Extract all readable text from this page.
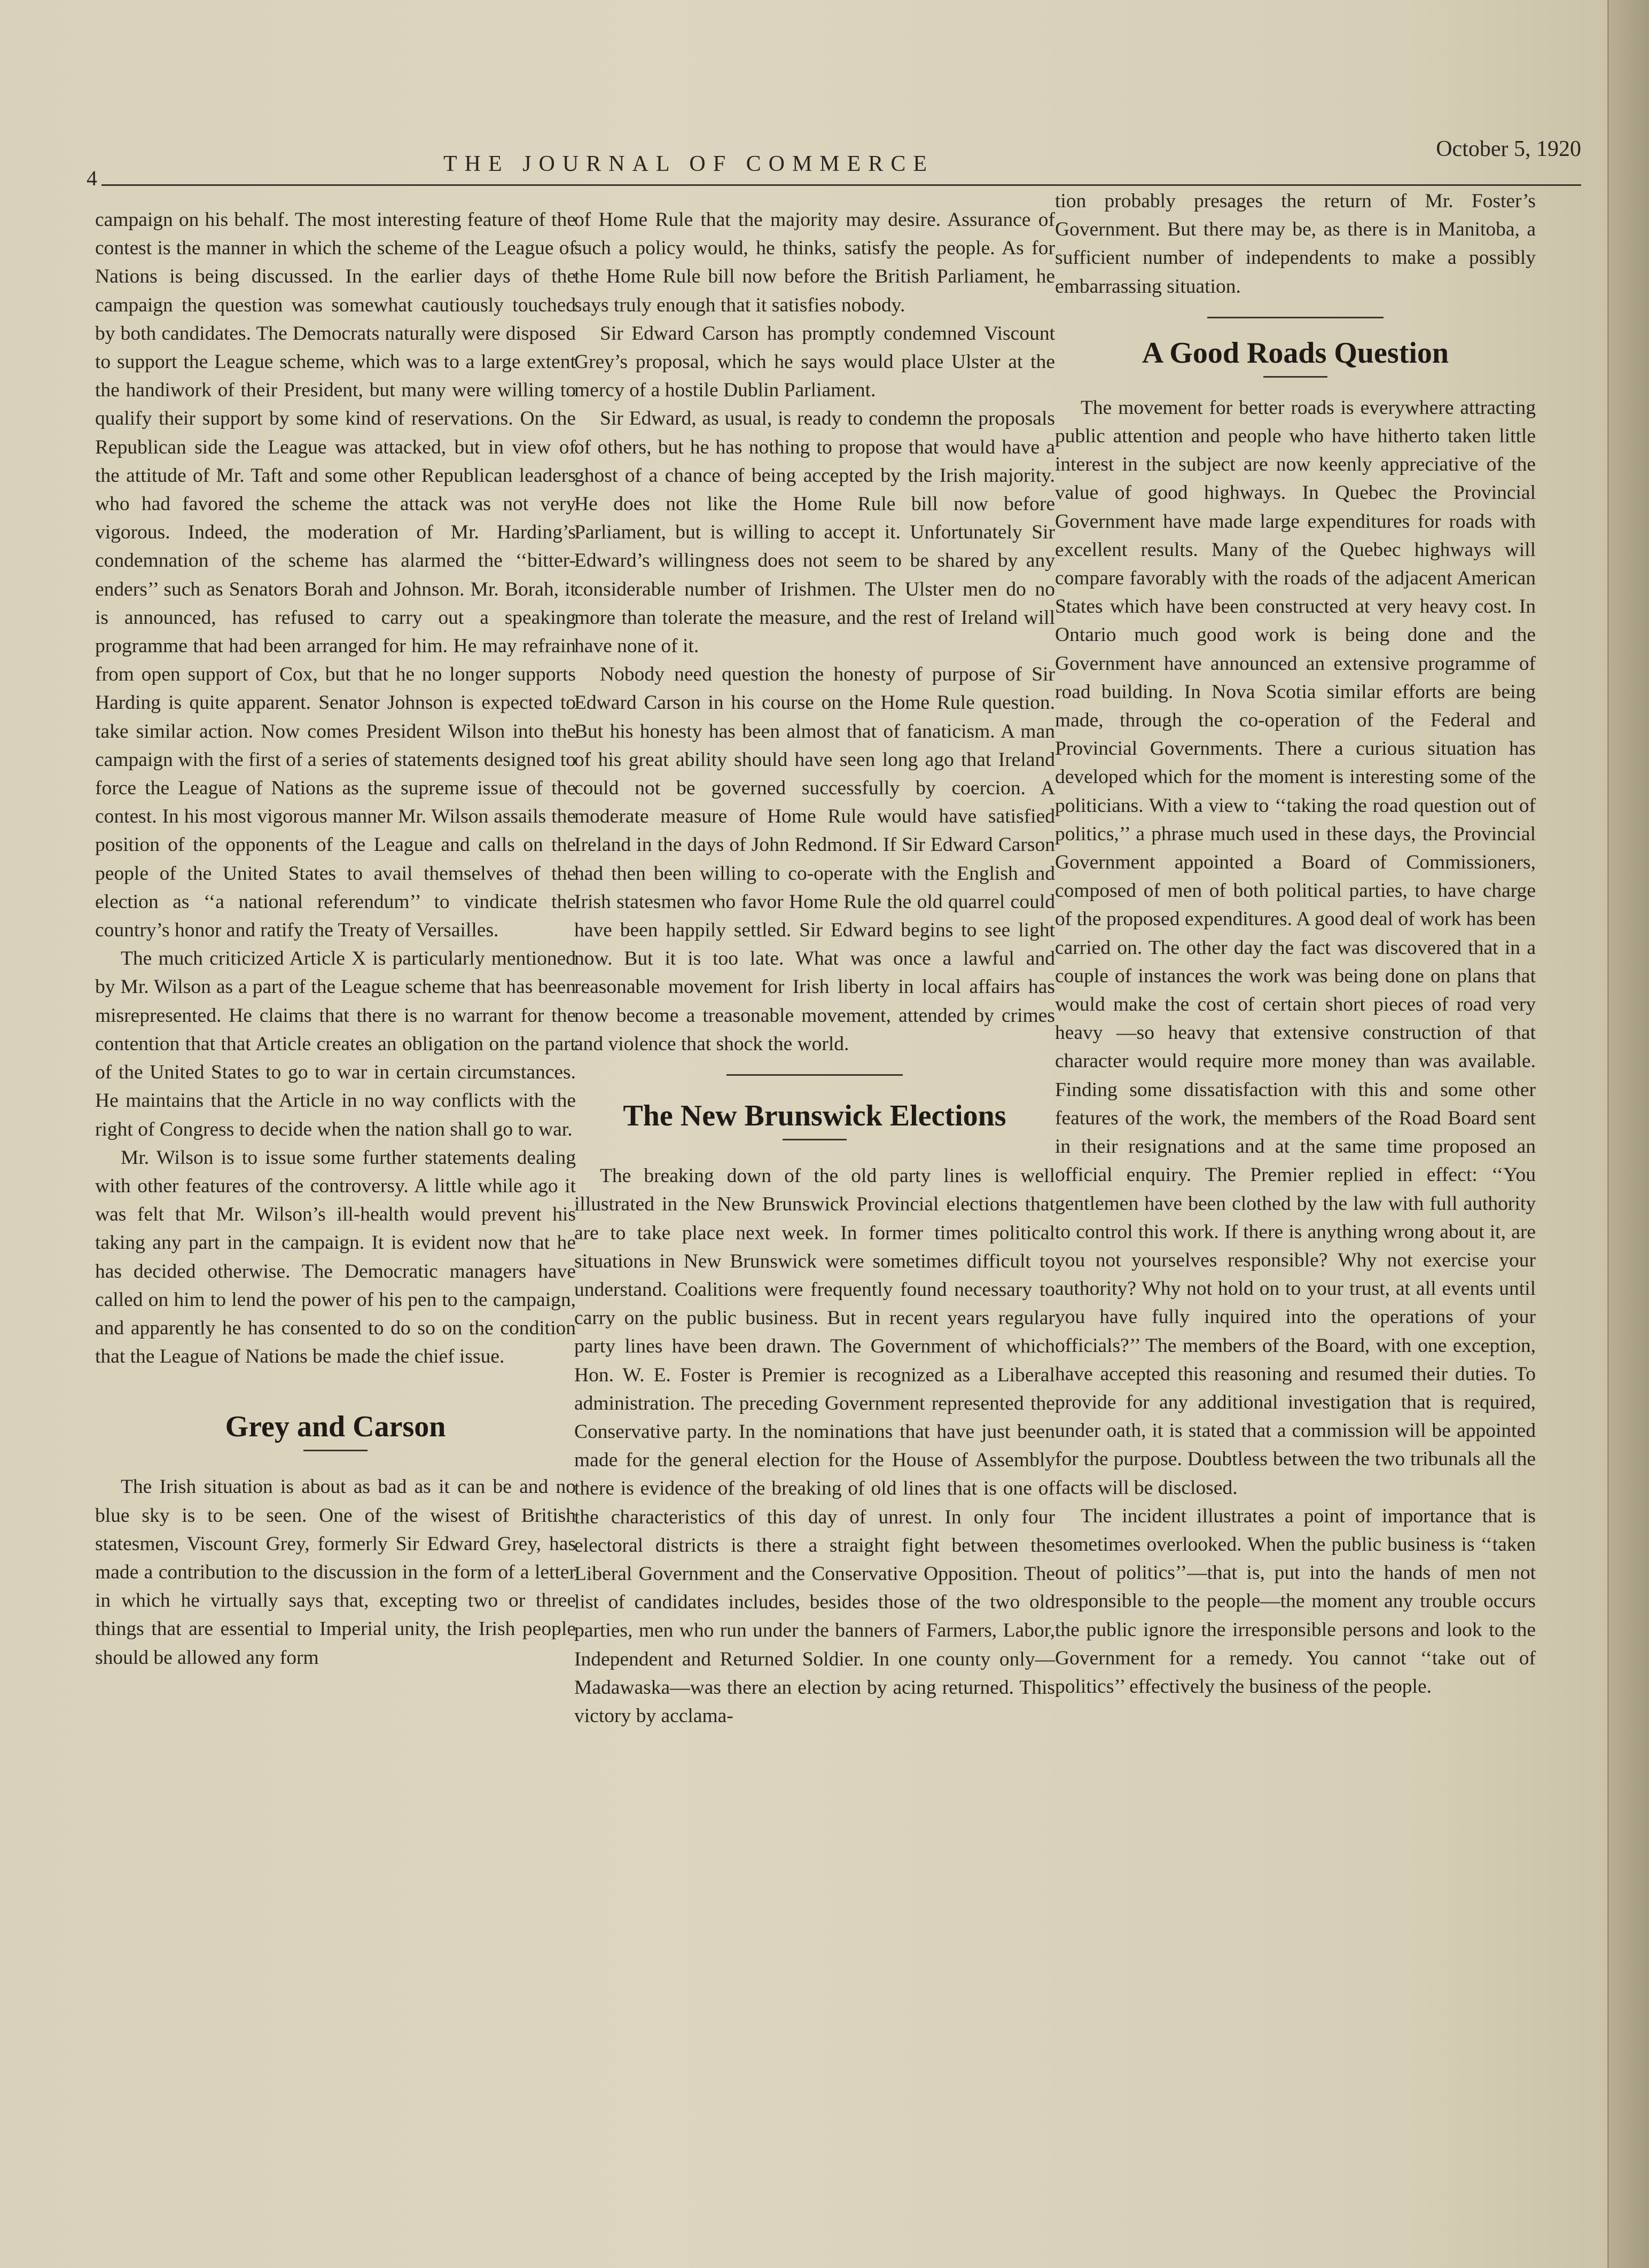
4
THE JOURNAL OF COMMERCE
October 5, 1920

campaign on his behalf. The most interesting feature of the contest is the manner in which the scheme of the League of Nations is being discussed. In the earlier days of the campaign the question was somewhat cautiously touched by both candidates. The Democrats naturally were disposed to support the League scheme, which was to a large extent the handiwork of their President, but many were willing to qualify their support by some kind of reservations. On the Republican side the League was attacked, but in view of the attitude of Mr. Taft and some other Republican leaders who had favored the scheme the attack was not very vigorous. Indeed, the moderation of Mr. Harding’s condemnation of the scheme has alarmed the ‘‘bitter-enders’’ such as Senators Borah and Johnson. Mr. Borah, it is announced, has refused to carry out a speaking programme that had been arranged for him. He may refrain from open support of Cox, but that he no longer supports Harding is quite apparent. Senator Johnson is expected to take similar action. Now comes President Wilson into the campaign with the first of a series of statements designed to force the League of Nations as the supreme issue of the contest. In his most vigorous manner Mr. Wilson assails the position of the opponents of the League and calls on the people of the United States to avail themselves of the election as ‘‘a national referendum’’ to vindicate the country’s honor and ratify the Treaty of Versailles.

The much criticized Article X is particularly mentioned by Mr. Wilson as a part of the League scheme that has been misrepresented. He claims that there is no warrant for the contention that that Article creates an obligation on the part of the United States to go to war in certain circumstances. He maintains that the Article in no way conflicts with the right of Congress to decide when the nation shall go to war.

Mr. Wilson is to issue some further statements dealing with other features of the controversy. A little while ago it was felt that Mr. Wilson’s ill-health would prevent his taking any part in the campaign. It is evident now that he has decided otherwise. The Democratic managers have called on him to lend the power of his pen to the campaign, and apparently he has consented to do so on the condition that the League of Nations be made the chief issue.

Grey and Carson

The Irish situation is about as bad as it can be and no blue sky is to be seen. One of the wisest of British statesmen, Viscount Grey, formerly Sir Edward Grey, has made a contribution to the discussion in the form of a letter in which he virtually says that, excepting two or three things that are essential to Imperial unity, the Irish people should be allowed any form

of Home Rule that the majority may desire. Assurance of such a policy would, he thinks, satisfy the people. As for the Home Rule bill now before the British Parliament, he says truly enough that it satisfies nobody.

Sir Edward Carson has promptly condemned Viscount Grey’s proposal, which he says would place Ulster at the mercy of a hostile Dublin Parliament.

Sir Edward, as usual, is ready to condemn the proposals of others, but he has nothing to propose that would have a ghost of a chance of being accepted by the Irish majority. He does not like the Home Rule bill now before Parliament, but is willing to accept it. Unfortunately Sir Edward’s willingness does not seem to be shared by any considerable number of Irishmen. The Ulster men do no more than tolerate the measure, and the rest of Ireland will have none of it.

Nobody need question the honesty of purpose of Sir Edward Carson in his course on the Home Rule question. But his honesty has been almost that of fanaticism. A man of his great ability should have seen long ago that Ireland could not be governed successfully by coercion. A moderate measure of Home Rule would have satisfied Ireland in the days of John Redmond. If Sir Edward Carson had then been willing to co-operate with the English and Irish statesmen who favor Home Rule the old quarrel could have been happily settled. Sir Edward begins to see light now. But it is too late. What was once a lawful and reasonable movement for Irish liberty in local affairs has now become a treasonable movement, attended by crimes and violence that shock the world.

The New Brunswick Elections

The breaking down of the old party lines is well illustrated in the New Brunswick Provincial elections that are to take place next week. In former times political situations in New Brunswick were sometimes difficult to understand. Coalitions were frequently found necessary to carry on the public business. But in recent years regular party lines have been drawn. The Government of which Hon. W. E. Foster is Premier is recognized as a Liberal administration. The preceding Government represented the Conservative party. In the nominations that have just been made for the general election for the House of Assembly there is evidence of the breaking of old lines that is one of the characteristics of this day of unrest. In only four electoral districts is there a straight fight between the Liberal Government and the Conservative Opposition. The list of candidates includes, besides those of the two old parties, men who run under the banners of Farmers, Labor, Independent and Returned Soldier. In one county only—Madawaska—was there an election by acing returned. This victory by acclama-

tion probably presages the return of Mr. Foster’s Government. But there may be, as there is in Manitoba, a sufficient number of independents to make a possibly embarrassing situation.

A Good Roads Question

The movement for better roads is everywhere attracting public attention and people who have hitherto taken little interest in the subject are now keenly appreciative of the value of good highways. In Quebec the Provincial Government have made large expenditures for roads with excellent results. Many of the Quebec highways will compare favorably with the roads of the adjacent American States which have been constructed at very heavy cost. In Ontario much good work is being done and the Government have announced an extensive programme of road building. In Nova Scotia similar efforts are being made, through the co-operation of the Federal and Provincial Governments. There a curious situation has developed which for the moment is interesting some of the politicians. With a view to ‘‘taking the road question out of politics,’’ a phrase much used in these days, the Provincial Government appointed a Board of Commissioners, composed of men of both political parties, to have charge of the proposed expenditures. A good deal of work has been carried on. The other day the fact was discovered that in a couple of instances the work was being done on plans that would make the cost of certain short pieces of road very heavy —so heavy that extensive construction of that character would require more money than was available. Finding some dissatisfaction with this and some other features of the work, the members of the Road Board sent in their resignations and at the same time proposed an official enquiry. The Premier replied in effect: ‘‘You gentlemen have been clothed by the law with full authority to control this work. If there is anything wrong about it, are you not yourselves responsible? Why not exercise your authority? Why not hold on to your trust, at all events until you have fully inquired into the operations of your officials?’’ The members of the Board, with one exception, have accepted this reasoning and resumed their duties. To provide for any additional investigation that is required, under oath, it is stated that a commission will be appointed for the purpose. Doubtless between the two tribunals all the facts will be disclosed.

The incident illustrates a point of importance that is sometimes overlooked. When the public business is ‘‘taken out of politics’’—that is, put into the hands of men not responsible to the people—the moment any trouble occurs the public ignore the irresponsible persons and look to the Government for a remedy. You cannot ‘‘take out of politics’’ effectively the business of the people.
